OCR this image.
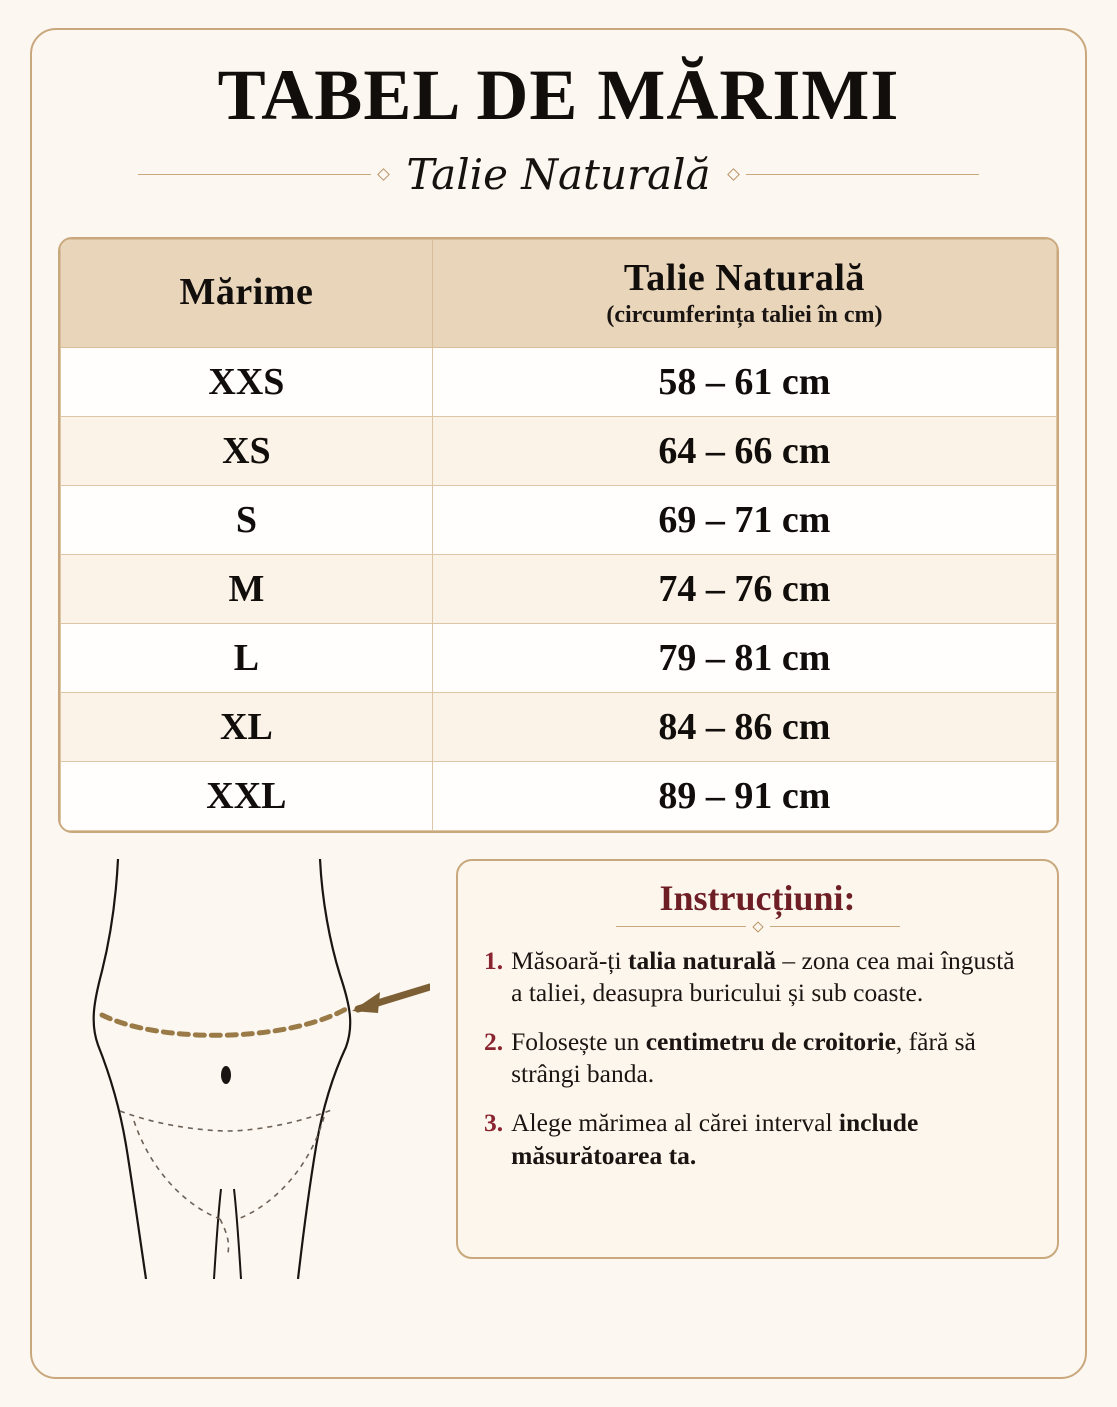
TABEL DE MĂRIMI
Talie Naturală
Mărime	Talie Naturală
(circumferința taliei în cm)

XXS	58 – 61 cm
XS	64 – 66 cm
S	69 – 71 cm
M	74 – 76 cm
L	79 – 81 cm
XL	84 – 86 cm
XXL	89 – 91 cm
Instrucțiuni:
1. Măsoară-ți talia naturală – zona cea mai îngustă a taliei, deasupra buricului și sub coaste.
2. Folosește un centimetru de croitorie, fără să strângi banda.
3. Alege mărimea al cărei interval include măsurătoarea ta.
